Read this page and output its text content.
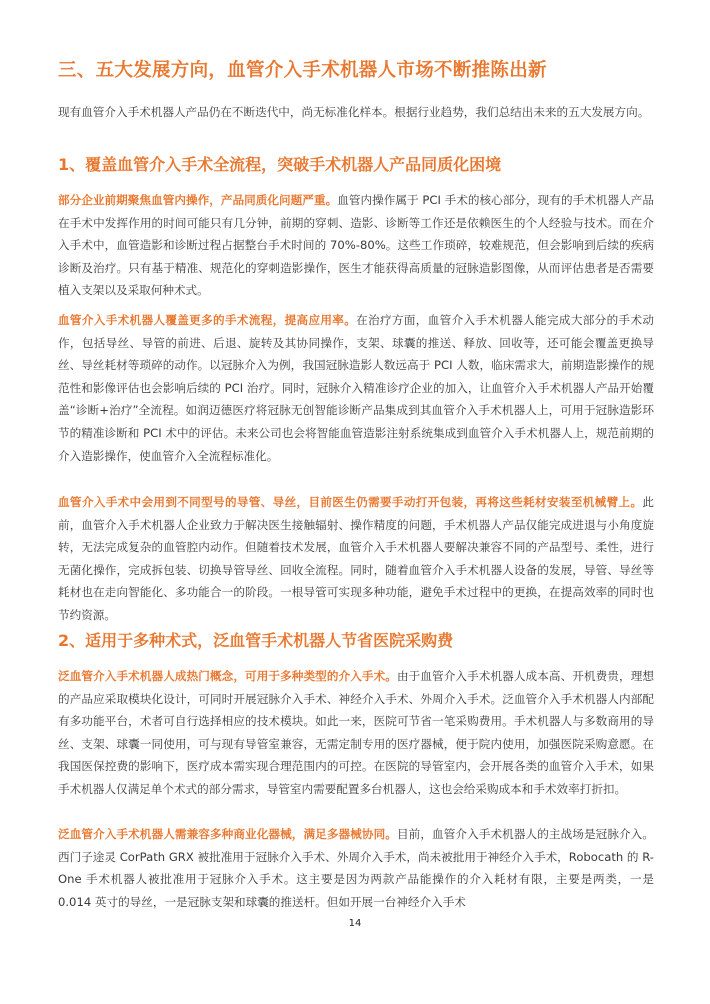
三、五大发展方向，血管介入手术机器人市场不断推陈出新
现有血管介入手术机器人产品仍在不断迭代中，尚无标准化样本。根据行业趋势，我们总结出未来的五大发展方向。
1、覆盖血管介入手术全流程，突破手术机器人产品同质化困境
部分企业前期聚焦血管内操作，产品同质化问题严重。血管内操作属于 PCI 手术的核心部分，现有的手术机器人产品在手术中发挥作用的时间可能只有几分钟，前期的穿刺、造影、诊断等工作还是依赖医生的个人经验与技术。而在介入手术中，血管造影和诊断过程占据整台手术时间的 70%-80%。这些工作琐碎，较难规范，但会影响到后续的疾病诊断及治疗。只有基于精准、规范化的穿刺造影操作，医生才能获得高质量的冠脉造影图像，从而评估患者是否需要植入支架以及采取何种术式。
血管介入手术机器人覆盖更多的手术流程，提高应用率。在治疗方面，血管介入手术机器人能完成大部分的手术动作，包括导丝、导管的前进、后退、旋转及其协同操作，支架、球囊的推送、释放、回收等，还可能会覆盖更换导丝、导丝耗材等琐碎的动作。以冠脉介入为例，我国冠脉造影人数远高于 PCI 人数，临床需求大，前期造影操作的规范性和影像评估也会影响后续的 PCI 治疗。同时，冠脉介入精准诊疗企业的加入，让血管介入手术机器人产品开始覆盖“诊断+治疗”全流程。如润迈德医疗将冠脉无创智能诊断产品集成到其血管介入手术机器人上，可用于冠脉造影环节的精准诊断和 PCI 术中的评估。未来公司也会将智能血管造影注射系统集成到血管介入手术机器人上，规范前期的介入造影操作，使血管介入全流程标准化。
血管介入手术中会用到不同型号的导管、导丝，目前医生仍需要手动打开包装，再将这些耗材安装至机械臂上。此前，血管介入手术机器人企业致力于解决医生接触辐射、操作精度的问题，手术机器人产品仅能完成进退与小角度旋转，无法完成复杂的血管腔内动作。但随着技术发展，血管介入手术机器人要解决兼容不同的产品型号、柔性，进行无菌化操作，完成拆包装、切换导管导丝、回收全流程。同时，随着血管介入手术机器人设备的发展，导管、导丝等耗材也在走向智能化、多功能合一的阶段。一根导管可实现多种功能，避免手术过程中的更换，在提高效率的同时也节约资源。
2、适用于多种术式，泛血管手术机器人节省医院采购费
泛血管介入手术机器人成热门概念，可用于多种类型的介入手术。由于血管介入手术机器人成本高、开机费贵，理想的产品应采取模块化设计，可同时开展冠脉介入手术、神经介入手术、外周介入手术。泛血管介入手术机器人内部配有多功能平台，术者可自行选择相应的技术模块。如此一来，医院可节省一笔采购费用。手术机器人与多数商用的导丝、支架、球囊一同使用，可与现有导管室兼容，无需定制专用的医疗器械，便于院内使用，加强医院采购意愿。在我国医保控费的影响下，医疗成本需实现合理范围内的可控。在医院的导管室内，会开展各类的血管介入手术，如果手术机器人仅满足单个术式的部分需求，导管室内需要配置多台机器人，这也会给采购成本和手术效率打折扣。
泛血管介入手术机器人需兼容多种商业化器械，满足多器械协同。目前，血管介入手术机器人的主战场是冠脉介入。西门子途灵 CorPath GRX 被批准用于冠脉介入手术、外周介入手术，尚未被批用于神经介入手术，Robocath 的 R-One 手术机器人被批准用于冠脉介入手术。这主要是因为两款产品能操作的介入耗材有限，主要是两类，一是 0.014 英寸的导丝，一是冠脉支架和球囊的推送杆。但如开展一台神经介入手术
14
